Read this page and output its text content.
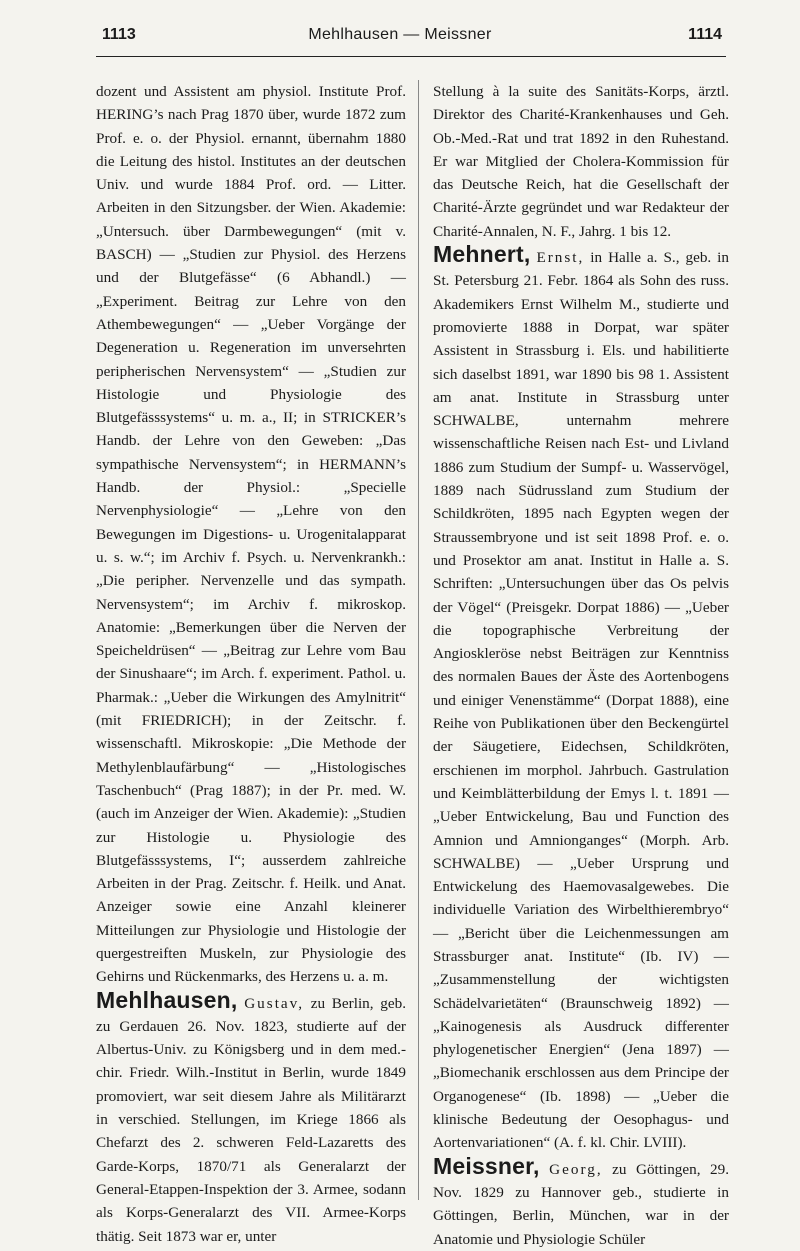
1113	Mehlhausen — Meissner	1114

dozent und Assistent am physiol. Institute Prof. HERING’s nach Prag 1870 über, wurde 1872 zum Prof. e. o. der Physiol. ernannt, übernahm 1880 die Leitung des histol. Institutes an der deutschen Univ. und wurde 1884 Prof. ord. — Litter. Arbeiten in den Sitzungsber. der Wien. Akademie: „Untersuch. über Darmbewegungen“ (mit v. BASCH) — „Studien zur Physiol. des Herzens und der Blutgefässe“ (6 Abhandl.) — „Experiment. Beitrag zur Lehre von den Athembewegungen“ — „Ueber Vorgänge der Degeneration u. Regeneration im unversehrten peripherischen Nervensystem“ — „Studien zur Histologie und Physiologie des Blutgefässsystems“ u. m. a., II; in STRICKER’s Handb. der Lehre von den Geweben: „Das sympathische Nervensystem“; in HERMANN’s Handb. der Physiol.: „Specielle Nervenphysiologie“ — „Lehre von den Bewegungen im Digestions- u. Urogenitalapparat u. s. w.“; im Archiv f. Psych. u. Nervenkrankh.: „Die peripher. Nervenzelle und das sympath. Nervensystem“; im Archiv f. mikroskop. Anatomie: „Bemerkungen über die Nerven der Speicheldrüsen“ — „Beitrag zur Lehre vom Bau der Sinushaare“; im Arch. f. experiment. Pathol. u. Pharmak.: „Ueber die Wirkungen des Amylnitrit“ (mit FRIEDRICH); in der Zeitschr. f. wissenschaftl. Mikroskopie: „Die Methode der Methylenblaufärbung“ — „Histologisches Taschenbuch“ (Prag 1887); in der Pr. med. W. (auch im Anzeiger der Wien. Akademie): „Studien zur Histologie u. Physiologie des Blutgefässsystems, I“; ausserdem zahlreiche Arbeiten in der Prag. Zeitschr. f. Heilk. und Anat. Anzeiger sowie eine Anzahl kleinerer Mitteilungen zur Physiologie und Histologie der quergestreiften Muskeln, zur Physiologie des Gehirns und Rückenmarks, des Herzens u. a. m.

Mehlhausen, Gustav, zu Berlin, geb. zu Gerdauen 26. Nov. 1823, studierte auf der Albertus-Univ. zu Königsberg und in dem med.-chir. Friedr. Wilh.-Institut in Berlin, wurde 1849 promoviert, war seit diesem Jahre als Militärarzt in verschied. Stellungen, im Kriege 1866 als Chefarzt des 2. schweren Feld-Lazaretts des Garde-Korps, 1870/71 als Generalarzt der General-Etappen-Inspektion der 3. Armee, sodann als Korps-Generalarzt des VII. Armee-Korps thätig. Seit 1873 war er, unter

Stellung à la suite des Sanitäts-Korps, ärztl. Direktor des Charité-Krankenhauses und Geh. Ob.-Med.-Rat und trat 1892 in den Ruhestand. Er war Mitglied der Cholera-Kommission für das Deutsche Reich, hat die Gesellschaft der Charité-Ärzte gegründet und war Redakteur der Charité-Annalen, N. F., Jahrg. 1 bis 12.

Mehnert, Ernst, in Halle a. S., geb. in St. Petersburg 21. Febr. 1864 als Sohn des russ. Akademikers Ernst Wilhelm M., studierte und promovierte 1888 in Dorpat, war später Assistent in Strassburg i. Els. und habilitierte sich daselbst 1891, war 1890 bis 98 1. Assistent am anat. Institute in Strassburg unter SCHWALBE, unternahm mehrere wissenschaftliche Reisen nach Est- und Livland 1886 zum Studium der Sumpf- u. Wasservögel, 1889 nach Südrussland zum Studium der Schildkröten, 1895 nach Egypten wegen der Straussembryone und ist seit 1898 Prof. e. o. und Prosektor am anat. Institut in Halle a. S. Schriften: „Untersuchungen über das Os pelvis der Vögel“ (Preisgekr. Dorpat 1886) — „Ueber die topographische Verbreitung der Angioskleröse nebst Beiträgen zur Kenntniss des normalen Baues der Äste des Aortenbogens und einiger Venenstämme“ (Dorpat 1888), eine Reihe von Publikationen über den Beckengürtel der Säugetiere, Eidechsen, Schildkröten, erschienen im morphol. Jahrbuch. Gastrulation und Keimblätterbildung der Emys l. t. 1891 — „Ueber Entwickelung, Bau und Function des Amnion und Amnionganges“ (Morph. Arb. SCHWALBE) — „Ueber Ursprung und Entwickelung des Haemovasalgewebes. Die individuelle Variation des Wirbelthierembryo“ — „Bericht über die Leichenmessungen am Strassburger anat. Institute“ (Ib. IV) — „Zusammenstellung der wichtigsten Schädelvarietäten“ (Braunschweig 1892) — „Kainogenesis als Ausdruck differenter phylogenetischer Energien“ (Jena 1897) — „Biomechanik erschlossen aus dem Principe der Organogenese“ (Ib. 1898) — „Ueber die klinische Bedeutung der Oesophagus- und Aortenvariationen“ (A. f. kl. Chir. LVIII).

Meissner, Georg, zu Göttingen, 29. Nov. 1829 zu Hannover geb., studierte in Göttingen, Berlin, München, war in der Anatomie und Physiologie Schüler
